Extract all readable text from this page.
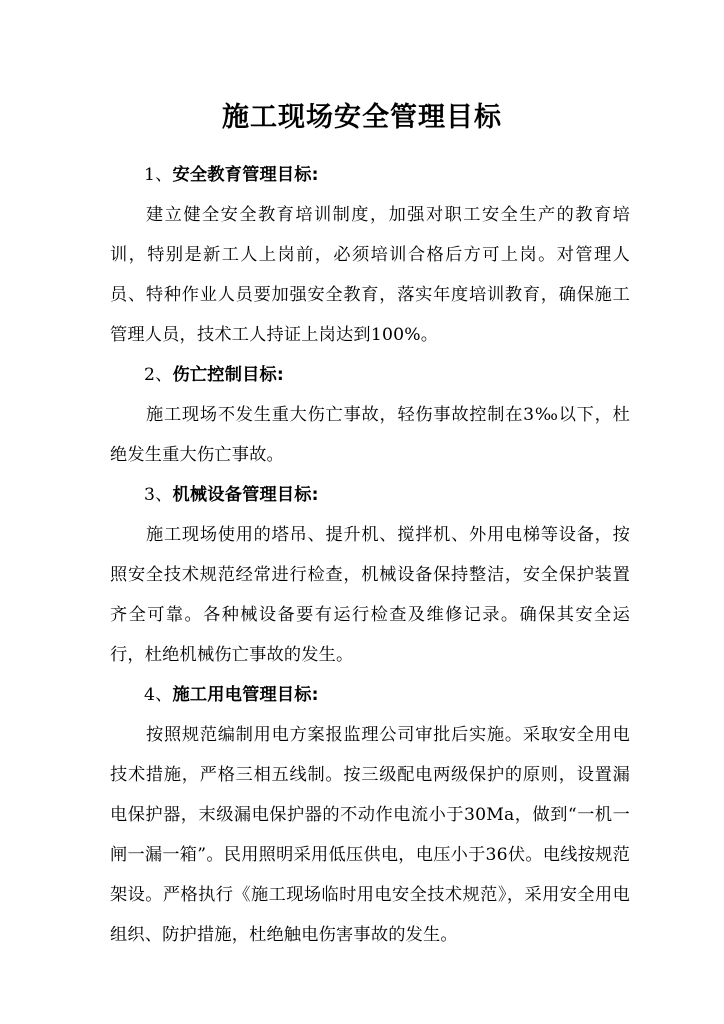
施工现场安全管理目标
1、安全教育管理目标:

建立健全安全教育培训制度，加强对职工安全生产的教育培训，特别是新工人上岗前，必须培训合格后方可上岗。对管理人员、特种作业人员要加强安全教育，落实年度培训教育，确保施工管理人员，技术工人持证上岗达到100%。

2、伤亡控制目标:

施工现场不发生重大伤亡事故，轻伤事故控制在3‰以下，杜绝发生重大伤亡事故。

3、机械设备管理目标:

施工现场使用的塔吊、提升机、搅拌机、外用电梯等设备，按照安全技术规范经常进行检查，机械设备保持整洁，安全保护装置齐全可靠。各种械设备要有运行检查及维修记录。确保其安全运行，杜绝机械伤亡事故的发生。

4、施工用电管理目标:

按照规范编制用电方案报监理公司审批后实施。采取安全用电技术措施，严格三相五线制。按三级配电两级保护的原则，设置漏电保护器，末级漏电保护器的不动作电流小于30Ma，做到“一机一闸一漏一箱”。民用照明采用低压供电，电压小于36伏。电线按规范架设。严格执行《施工现场临时用电安全技术规范》，采用安全用电组织、防护措施，杜绝触电伤害事故的发生。
